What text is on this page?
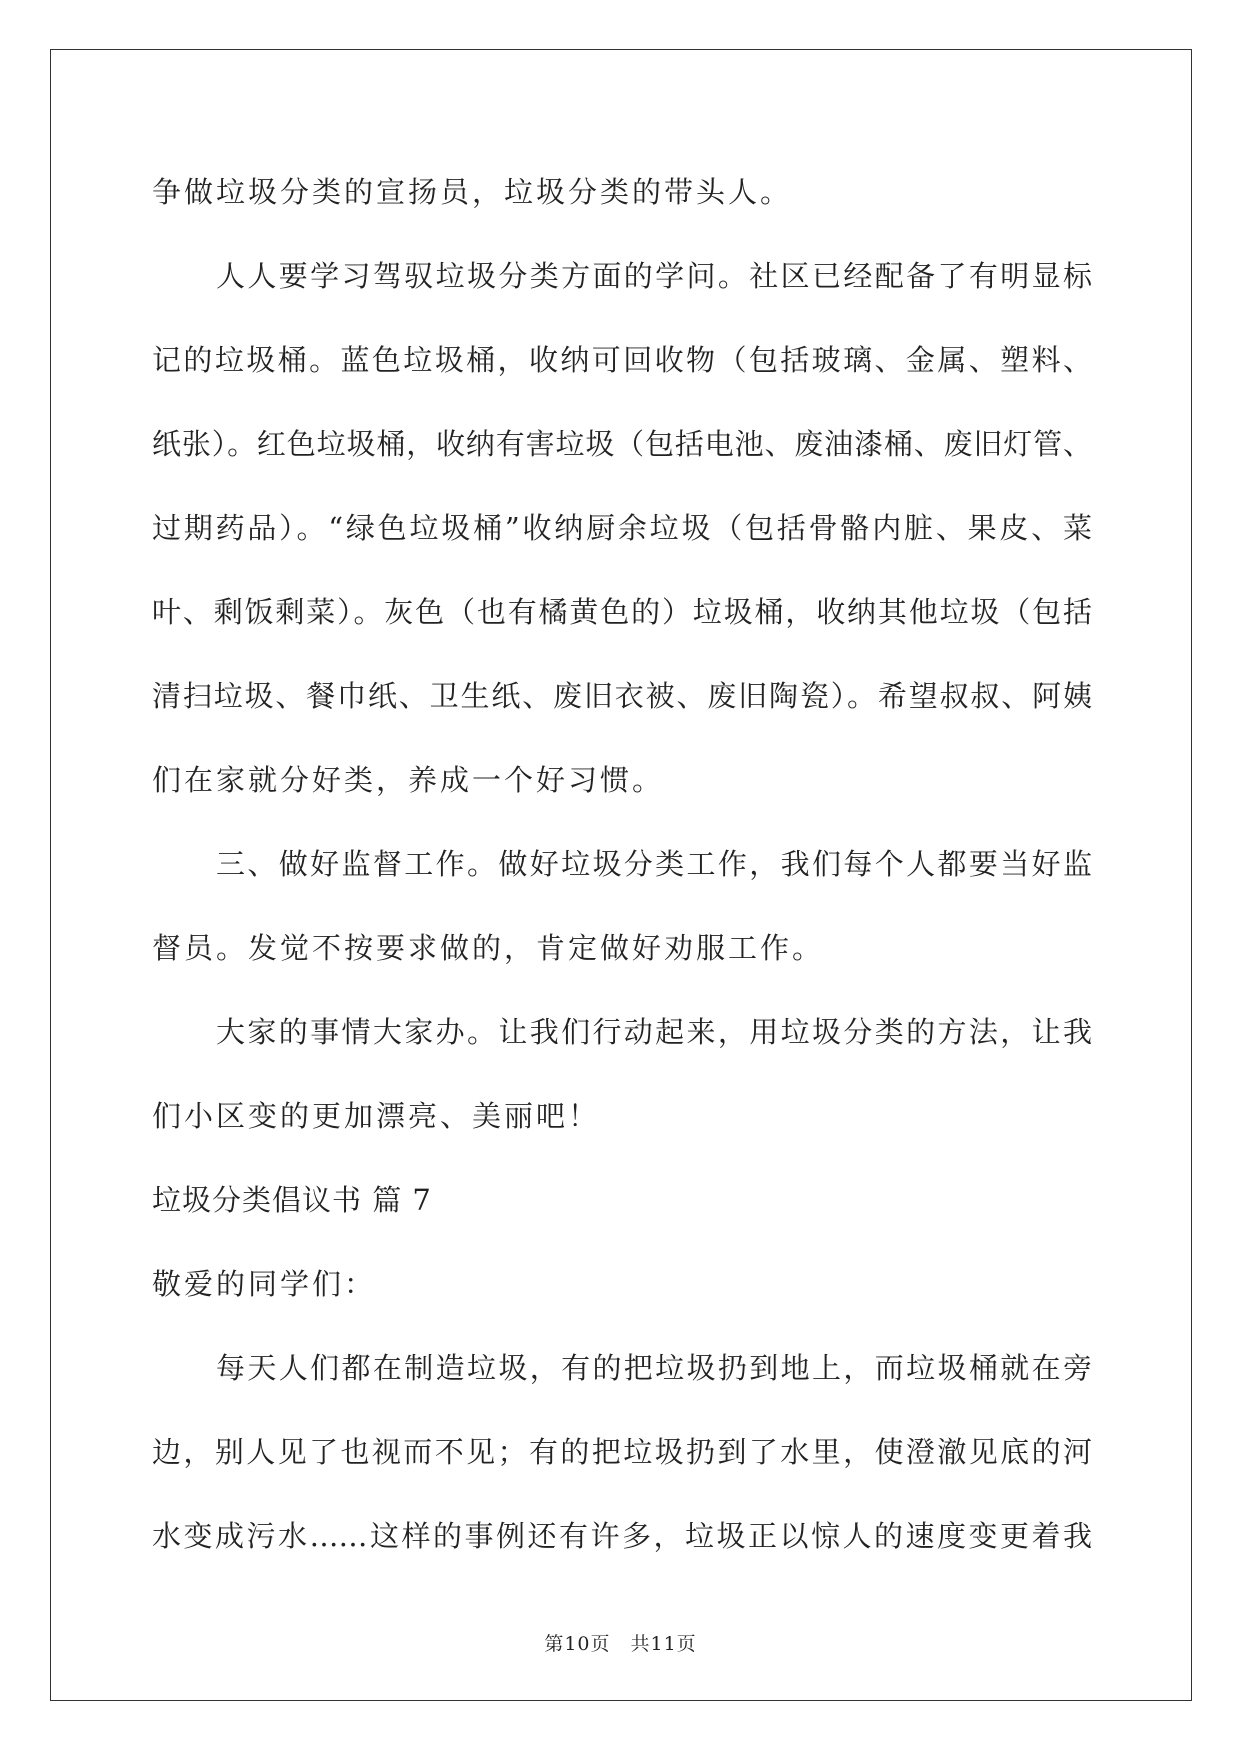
争做垃圾分类的宣扬员，垃圾分类的带头人。
人人要学习驾驭垃圾分类方面的学问。社区已经配备了有明显标
记的垃圾桶。蓝色垃圾桶，收纳可回收物（包括玻璃、金属、塑料、
纸张）。红色垃圾桶，收纳有害垃圾（包括电池、废油漆桶、废旧灯管、
过期药品）。“绿色垃圾桶”收纳厨余垃圾（包括骨骼内脏、果皮、菜
叶、剩饭剩菜）。灰色（也有橘黄色的）垃圾桶，收纳其他垃圾（包括
清扫垃圾、餐巾纸、卫生纸、废旧衣被、废旧陶瓷）。希望叔叔、阿姨
们在家就分好类，养成一个好习惯。
三、做好监督工作。做好垃圾分类工作，我们每个人都要当好监
督员。发觉不按要求做的，肯定做好劝服工作。
大家的事情大家办。让我们行动起来，用垃圾分类的方法，让我
们小区变的更加漂亮、美丽吧！
垃圾分类倡议书 篇 7
敬爱的同学们：
每天人们都在制造垃圾，有的把垃圾扔到地上，而垃圾桶就在旁
边，别人见了也视而不见；有的把垃圾扔到了水里，使澄澈见底的河
水变成污水……这样的事例还有许多，垃圾正以惊人的速度变更着我
第10页　共11页
